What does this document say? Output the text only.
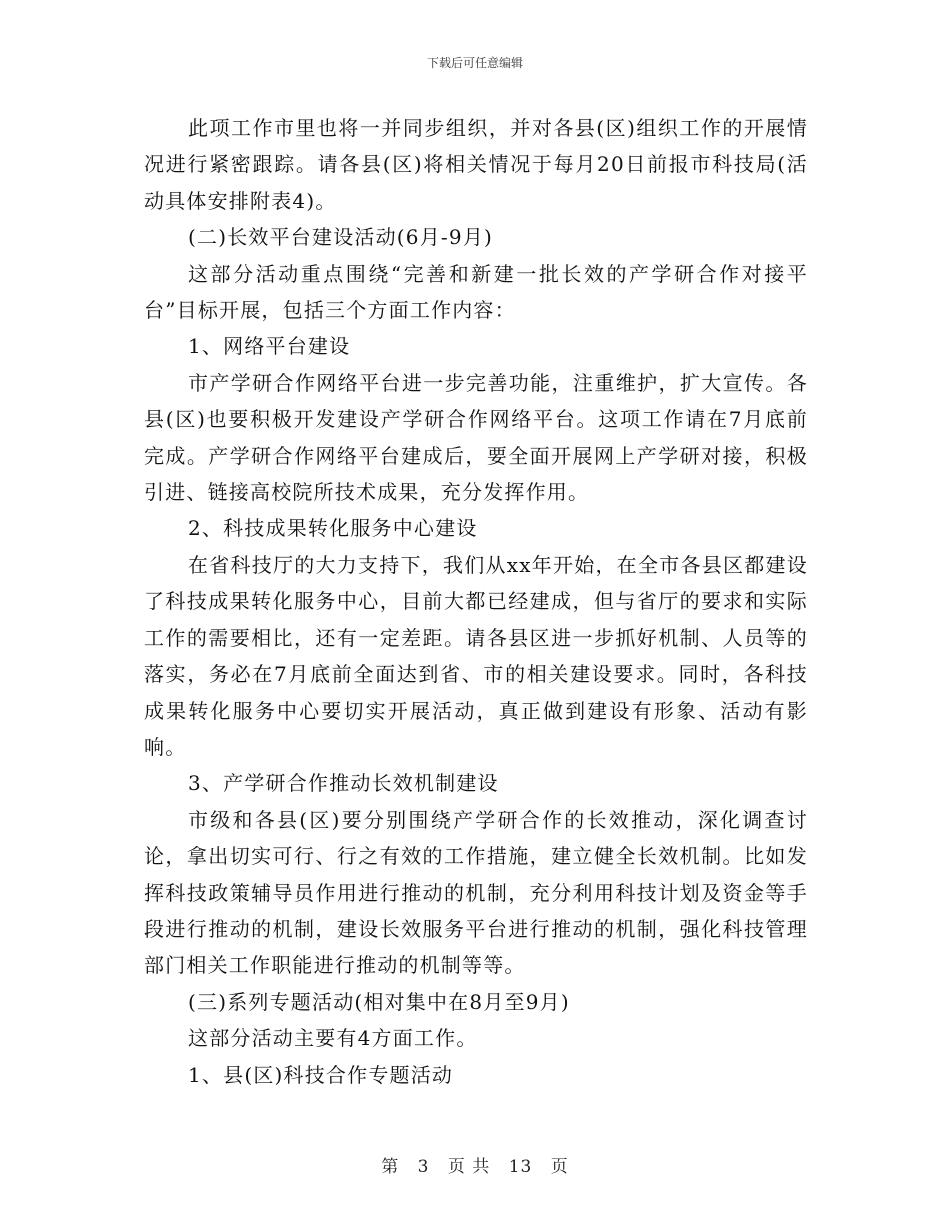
下载后可任意编辑

此项工作市里也将一并同步组织，并对各县(区)组织工作的开展情况进行紧密跟踪。请各县(区)将相关情况于每月20日前报市科技局(活动具体安排附表4)。

(二)长效平台建设活动(6月-9月)

这部分活动重点围绕“完善和新建一批长效的产学研合作对接平台”目标开展，包括三个方面工作内容：

1、网络平台建设

市产学研合作网络平台进一步完善功能，注重维护，扩大宣传。各县(区)也要积极开发建设产学研合作网络平台。这项工作请在7月底前完成。产学研合作网络平台建成后，要全面开展网上产学研对接，积极引进、链接高校院所技术成果，充分发挥作用。

2、科技成果转化服务中心建设

在省科技厅的大力支持下，我们从xx年开始，在全市各县区都建设了科技成果转化服务中心，目前大都已经建成，但与省厅的要求和实际工作的需要相比，还有一定差距。请各县区进一步抓好机制、人员等的落实，务必在7月底前全面达到省、市的相关建设要求。同时，各科技成果转化服务中心要切实开展活动，真正做到建设有形象、活动有影响。

3、产学研合作推动长效机制建设

市级和各县(区)要分别围绕产学研合作的长效推动，深化调查讨论，拿出切实可行、行之有效的工作措施，建立健全长效机制。比如发挥科技政策辅导员作用进行推动的机制，充分利用科技计划及资金等手段进行推动的机制，建设长效服务平台进行推动的机制，强化科技管理部门相关工作职能进行推动的机制等等。

(三)系列专题活动(相对集中在8月至9月)

这部分活动主要有4方面工作。

1、县(区)科技合作专题活动

第 3 页 共 13 页
